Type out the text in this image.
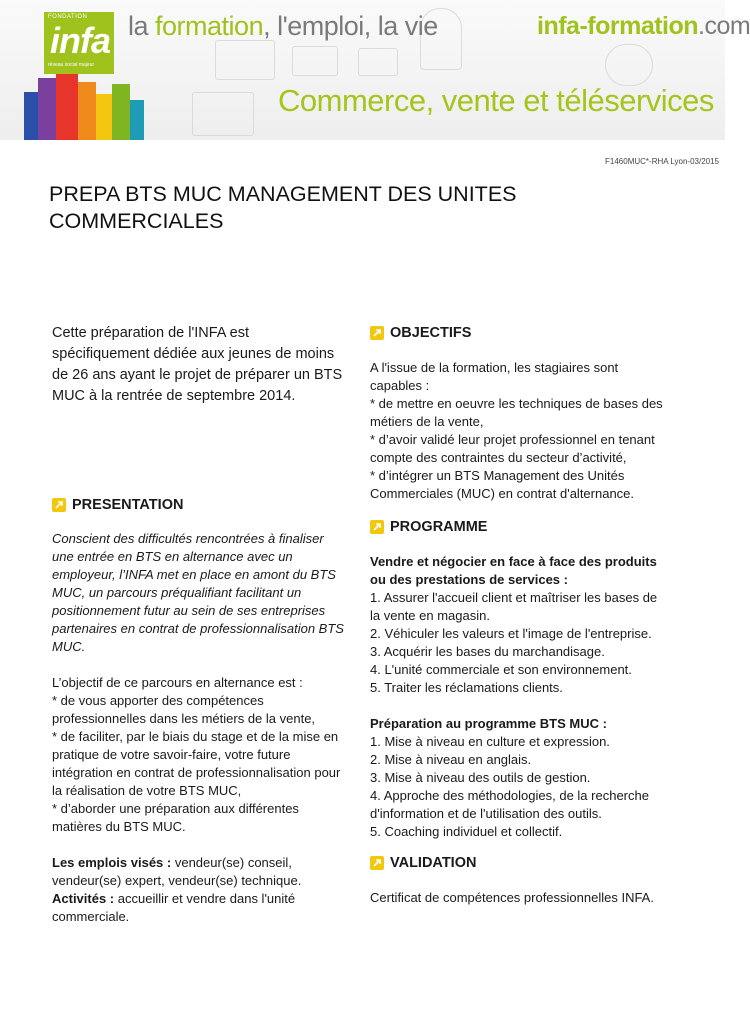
FONDATION
infa
réseau social majeur
la formation, l'emploi, la vie	infa-formation.com
Commerce, vente et téléservices
F1460MUC*-RHA Lyon-03/2015
PREPA BTS MUC MANAGEMENT DES UNITES
COMMERCIALES
Cette préparation de l'INFA est
spécifiquement dédiée aux jeunes de moins
de 26 ans ayant le projet de préparer un BTS
MUC à la rentrée de septembre 2014.
PRESENTATION
Conscient des difficultés rencontrées à finaliser
une entrée en BTS en alternance avec un
employeur, l’INFA met en place en amont du BTS
MUC, un parcours préqualifiant facilitant un
positionnement futur au sein de ses entreprises
partenaires en contrat de professionnalisation BTS
MUC.
L’objectif de ce parcours en alternance est :
* de vous apporter des compétences
professionnelles dans les métiers de la vente,
* de faciliter, par le biais du stage et de la mise en
pratique de votre savoir-faire, votre future
intégration en contrat de professionnalisation pour
la réalisation de votre BTS MUC,
* d’aborder une préparation aux différentes
matières du BTS MUC.
Les emplois visés : vendeur(se) conseil,
vendeur(se) expert, vendeur(se) technique.
Activités : accueillir et vendre dans l'unité
commerciale.
OBJECTIFS
A l'issue de la formation, les stagiaires sont
capables :
* de mettre en oeuvre les techniques de bases des
métiers de la vente,
* d’avoir validé leur projet professionnel en tenant
compte des contraintes du secteur d’activité,
* d’intégrer un BTS Management des Unités
Commerciales (MUC) en contrat d'alternance.
PROGRAMME
Vendre et négocier en face à face des produits
ou des prestations de services :
1. Assurer l'accueil client et maîtriser les bases de
la vente en magasin.
2. Véhiculer les valeurs et l'image de l'entreprise.
3. Acquérir les bases du marchandisage.
4. L'unité commerciale et son environnement.
5. Traiter les réclamations clients.
Préparation au programme BTS MUC :
1. Mise à niveau en culture et expression.
2. Mise à niveau en anglais.
3. Mise à niveau des outils de gestion.
4. Approche des méthodologies, de la recherche
d'information et de l'utilisation des outils.
5. Coaching individuel et collectif.
VALIDATION
Certificat de compétences professionnelles INFA.
